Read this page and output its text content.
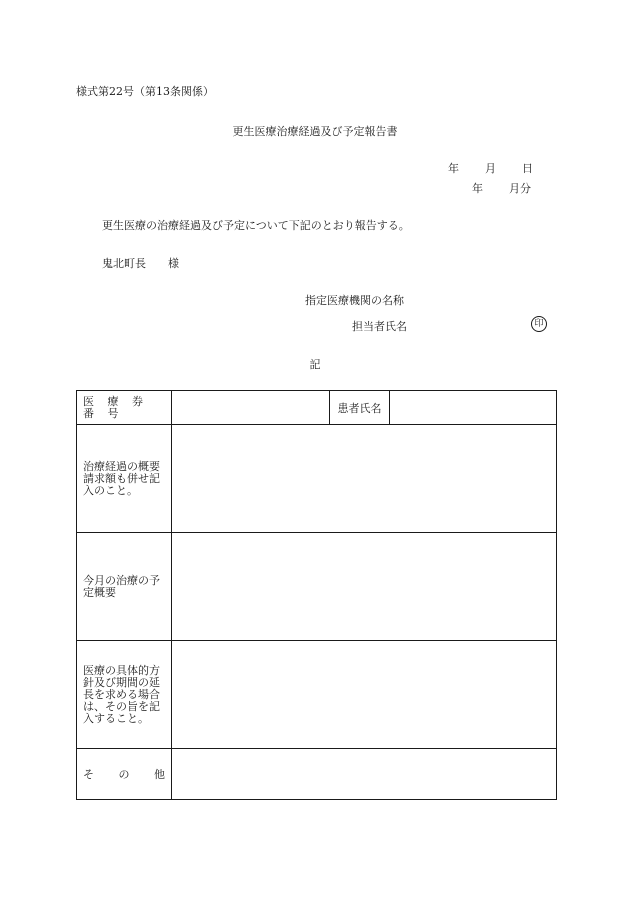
様式第22号（第13条関係）
更生医療治療経過及び予定報告書
年 月 日
年 月分
更生医療の治療経過及び予定について下記のとおり報告する。
鬼北町長 様
指定医療機関の名称
担当者氏名	印
記
医 療 券 番 号		患者氏名	
治療経過の概要請求額も併せ記入のこと。			
今月の治療の予定概要			
医療の具体的方針及び期間の延長を求める場合は、その旨を記入すること。			

そ の 他			
